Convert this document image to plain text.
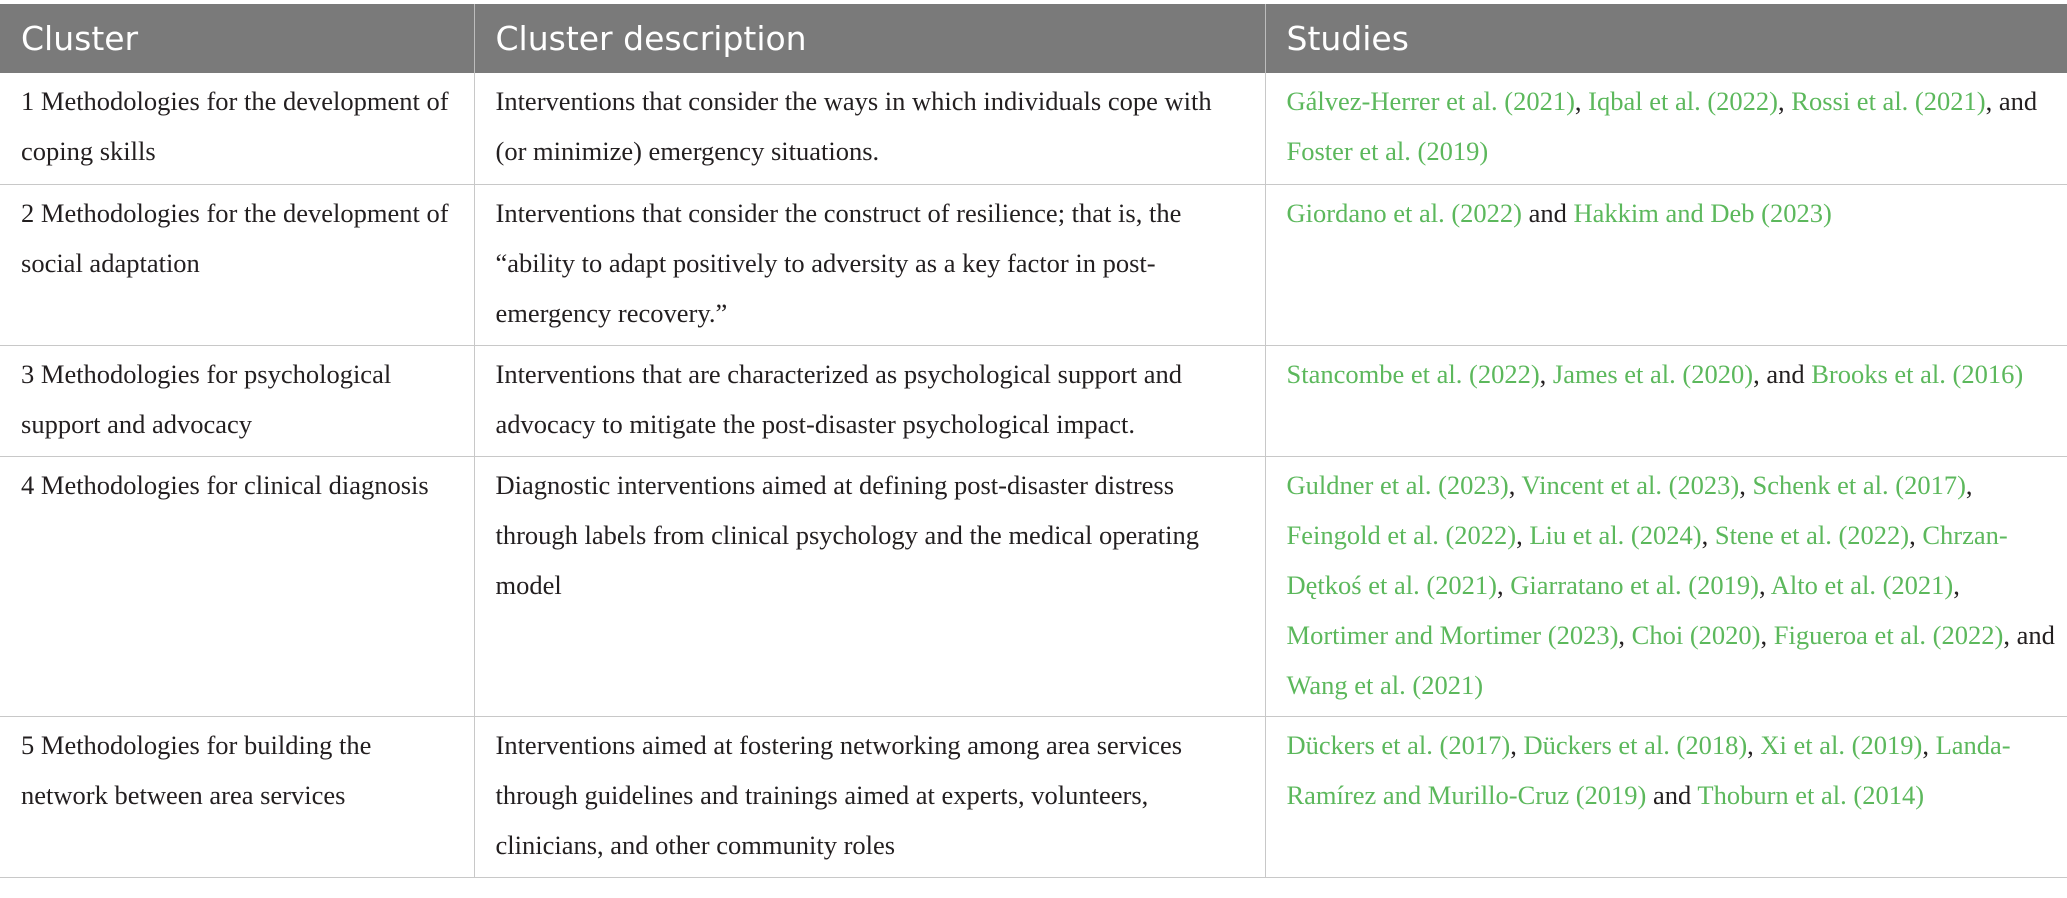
Cluster	Cluster description	Studies
1 Methodologies for the development of coping skills	Interventions that consider the ways in which individuals cope with (or minimize) emergency situations.	Gálvez-Herrer et al. (2021), Iqbal et al. (2022), Rossi et al. (2021), and Foster et al. (2019)
2 Methodologies for the development of social adaptation	Interventions that consider the construct of resilience; that is, the “ability to adapt positively to adversity as a key factor in post-emergency recovery.”	Giordano et al. (2022) and Hakkim and Deb (2023)
3 Methodologies for psychological support and advocacy	Interventions that are characterized as psychological support and advocacy to mitigate the post-disaster psychological impact.	Stancombe et al. (2022), James et al. (2020), and Brooks et al. (2016)
4 Methodologies for clinical diagnosis	Diagnostic interventions aimed at defining post-disaster distress through labels from clinical psychology and the medical operating model	Guldner et al. (2023), Vincent et al. (2023), Schenk et al. (2017), Feingold et al. (2022), Liu et al. (2024), Stene et al. (2022), Chrzan-Dętkoś et al. (2021), Giarratano et al. (2019), Alto et al. (2021), Mortimer and Mortimer (2023), Choi (2020), Figueroa et al. (2022), and Wang et al. (2021)
5 Methodologies for building the network between area services	Interventions aimed at fostering networking among area services through guidelines and trainings aimed at experts, volunteers, clinicians, and other community roles	Dückers et al. (2017), Dückers et al. (2018), Xi et al. (2019), Landa-Ramírez and Murillo-Cruz (2019) and Thoburn et al. (2014)
